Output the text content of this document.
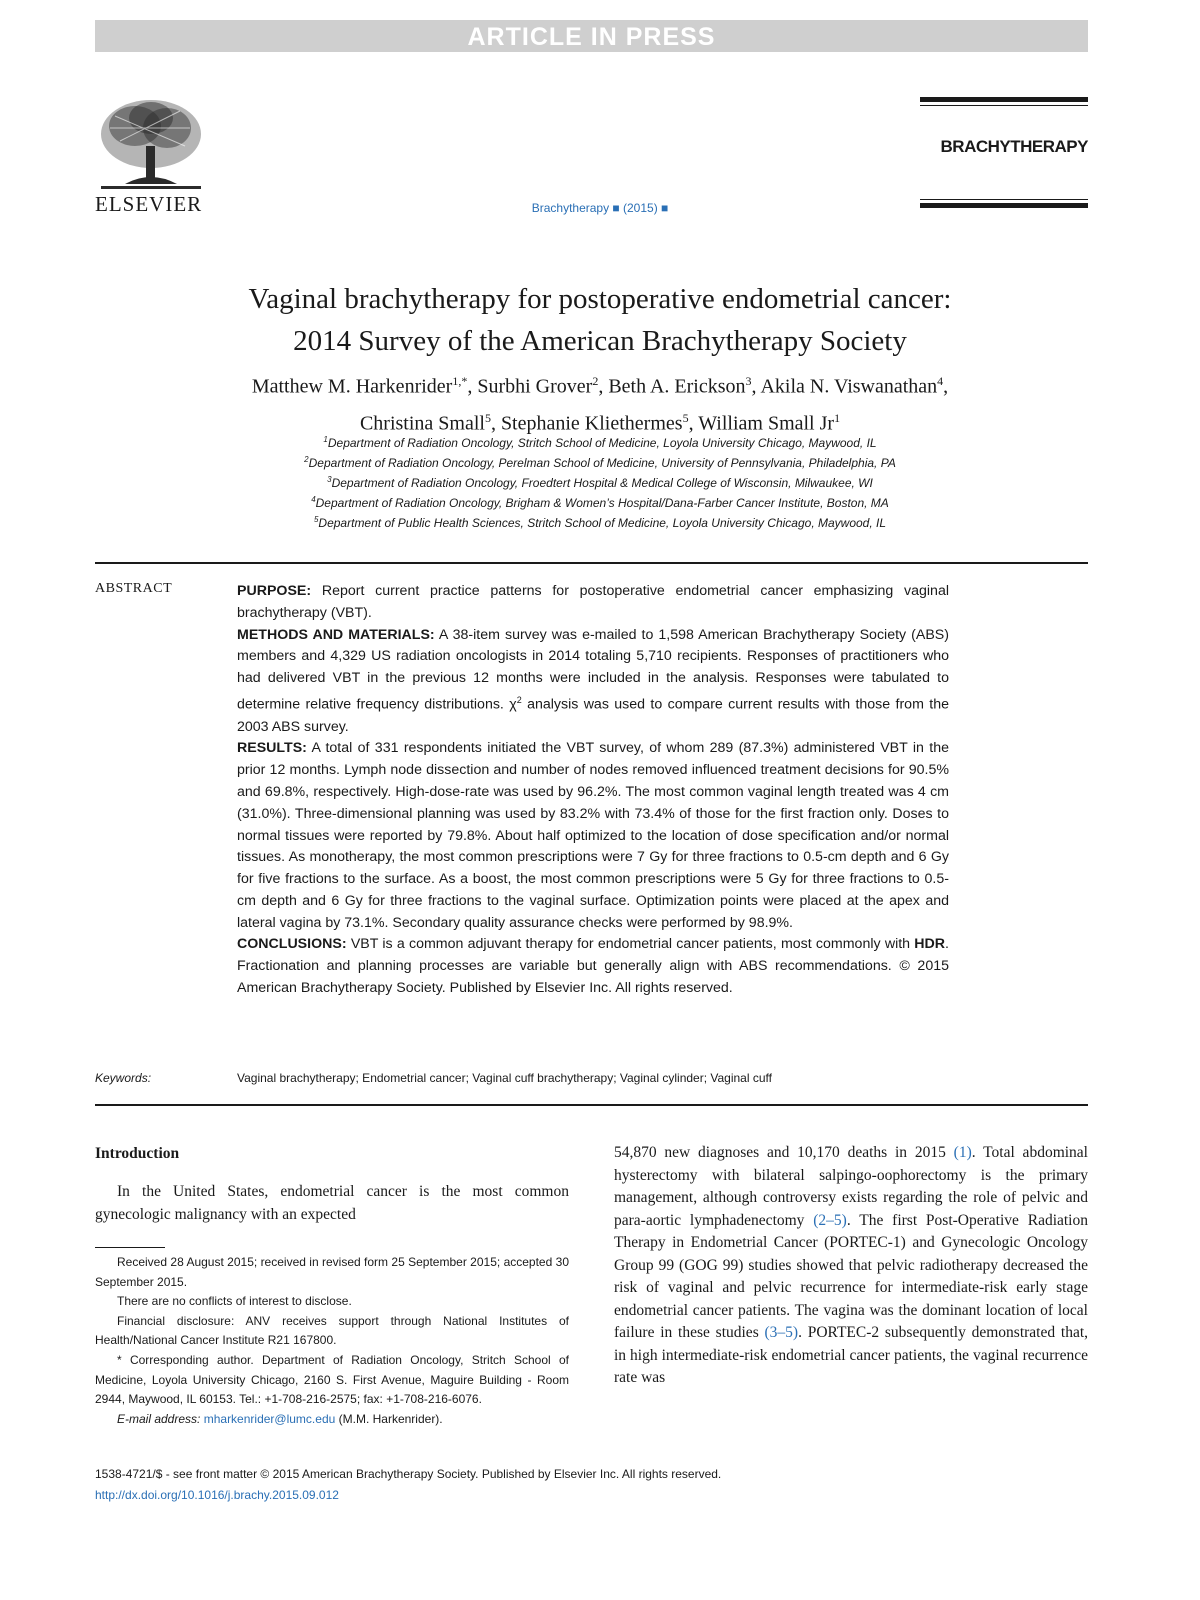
ARTICLE IN PRESS
ELSEVIER
BRACHYTHERAPY
Brachytherapy ■ (2015) ■
Vaginal brachytherapy for postoperative endometrial cancer:
2014 Survey of the American Brachytherapy Society
Matthew M. Harkenrider$^{1,*}$, Surbhi Grover$^2$, Beth A. Erickson$^3$, Akila N. Viswanathan$^4$,
Christina Small$^5$, Stephanie Kliethermes$^5$, William Small Jr$^1$
$^1$Department of Radiation Oncology, Stritch School of Medicine, Loyola University Chicago, Maywood, IL
$^2$Department of Radiation Oncology, Perelman School of Medicine, University of Pennsylvania, Philadelphia, PA
$^3$Department of Radiation Oncology, Froedtert Hospital & Medical College of Wisconsin, Milwaukee, WI
$^4$Department of Radiation Oncology, Brigham & Women’s Hospital/Dana-Farber Cancer Institute, Boston, MA
$^5$Department of Public Health Sciences, Stritch School of Medicine, Loyola University Chicago, Maywood, IL
ABSTRACT	PURPOSE: Report current practice patterns for postoperative endometrial cancer emphasizing vaginal brachytherapy (VBT).

METHODS AND MATERIALS: A 38-item survey was e-mailed to 1,598 American Brachytherapy Society (ABS) members and 4,329 US radiation oncologists in 2014 totaling 5,710 recipients. Responses of practitioners who had delivered VBT in the previous 12 months were included in the analysis. Responses were tabulated to determine relative frequency distributions. $\chi^2$ analysis was used to compare current results with those from the 2003 ABS survey.

RESULTS: A total of 331 respondents initiated the VBT survey, of whom 289 (87.3%) administered VBT in the prior 12 months. Lymph node dissection and number of nodes removed influenced treatment decisions for 90.5% and 69.8%, respectively. High-dose-rate was used by 96.2%. The most common vaginal length treated was 4 cm (31.0%). Three-dimensional planning was used by 83.2% with 73.4% of those for the first fraction only. Doses to normal tissues were reported by 79.8%. About half optimized to the location of dose specification and/or normal tissues. As monotherapy, the most common prescriptions were 7 Gy for three fractions to 0.5-cm depth and 6 Gy for five fractions to the surface. As a boost, the most common prescriptions were 5 Gy for three fractions to 0.5-cm depth and 6 Gy for three fractions to the vaginal surface. Optimization points were placed at the apex and lateral vagina by 73.1%. Secondary quality assurance checks were performed by 98.9%.

CONCLUSIONS: VBT is a common adjuvant therapy for endometrial cancer patients, most commonly with HDR. Fractionation and planning processes are variable but generally align with ABS recommendations. © 2015 American Brachytherapy Society. Published by Elsevier Inc. All rights reserved.

Keywords:	Vaginal brachytherapy; Endometrial cancer; Vaginal cuff brachytherapy; Vaginal cylinder; Vaginal cuff
Introduction
In the United States, endometrial cancer is the most common gynecologic malignancy with an expected
54,870 new diagnoses and 10,170 deaths in 2015 (1). Total abdominal hysterectomy with bilateral salpingo-oophorectomy is the primary management, although controversy exists regarding the role of pelvic and para-aortic lymphadenectomy (2–5). The first Post-Operative Radiation Therapy in Endometrial Cancer (PORTEC-1) and Gynecologic Oncology Group 99 (GOG 99) studies showed that pelvic radiotherapy decreased the risk of vaginal and pelvic recurrence for intermediate-risk early stage endometrial cancer patients. The vagina was the dominant location of local failure in these studies (3–5). PORTEC-2 subsequently demonstrated that, in high intermediate-risk endometrial cancer patients, the vaginal recurrence rate was

Received 28 August 2015; received in revised form 25 September 2015; accepted 30 September 2015.

There are no conflicts of interest to disclose.

Financial disclosure: ANV receives support through National Institutes of Health/National Cancer Institute R21 167800.

* Corresponding author. Department of Radiation Oncology, Stritch School of Medicine, Loyola University Chicago, 2160 S. First Avenue, Maguire Building - Room 2944, Maywood, IL 60153. Tel.: +1-708-216-2575; fax: +1-708-216-6076.

E-mail address: mharkenrider@lumc.edu (M.M. Harkenrider).

1538-4721/$ - see front matter © 2015 American Brachytherapy Society. Published by Elsevier Inc. All rights reserved.
http://dx.doi.org/10.1016/j.brachy.2015.09.012
